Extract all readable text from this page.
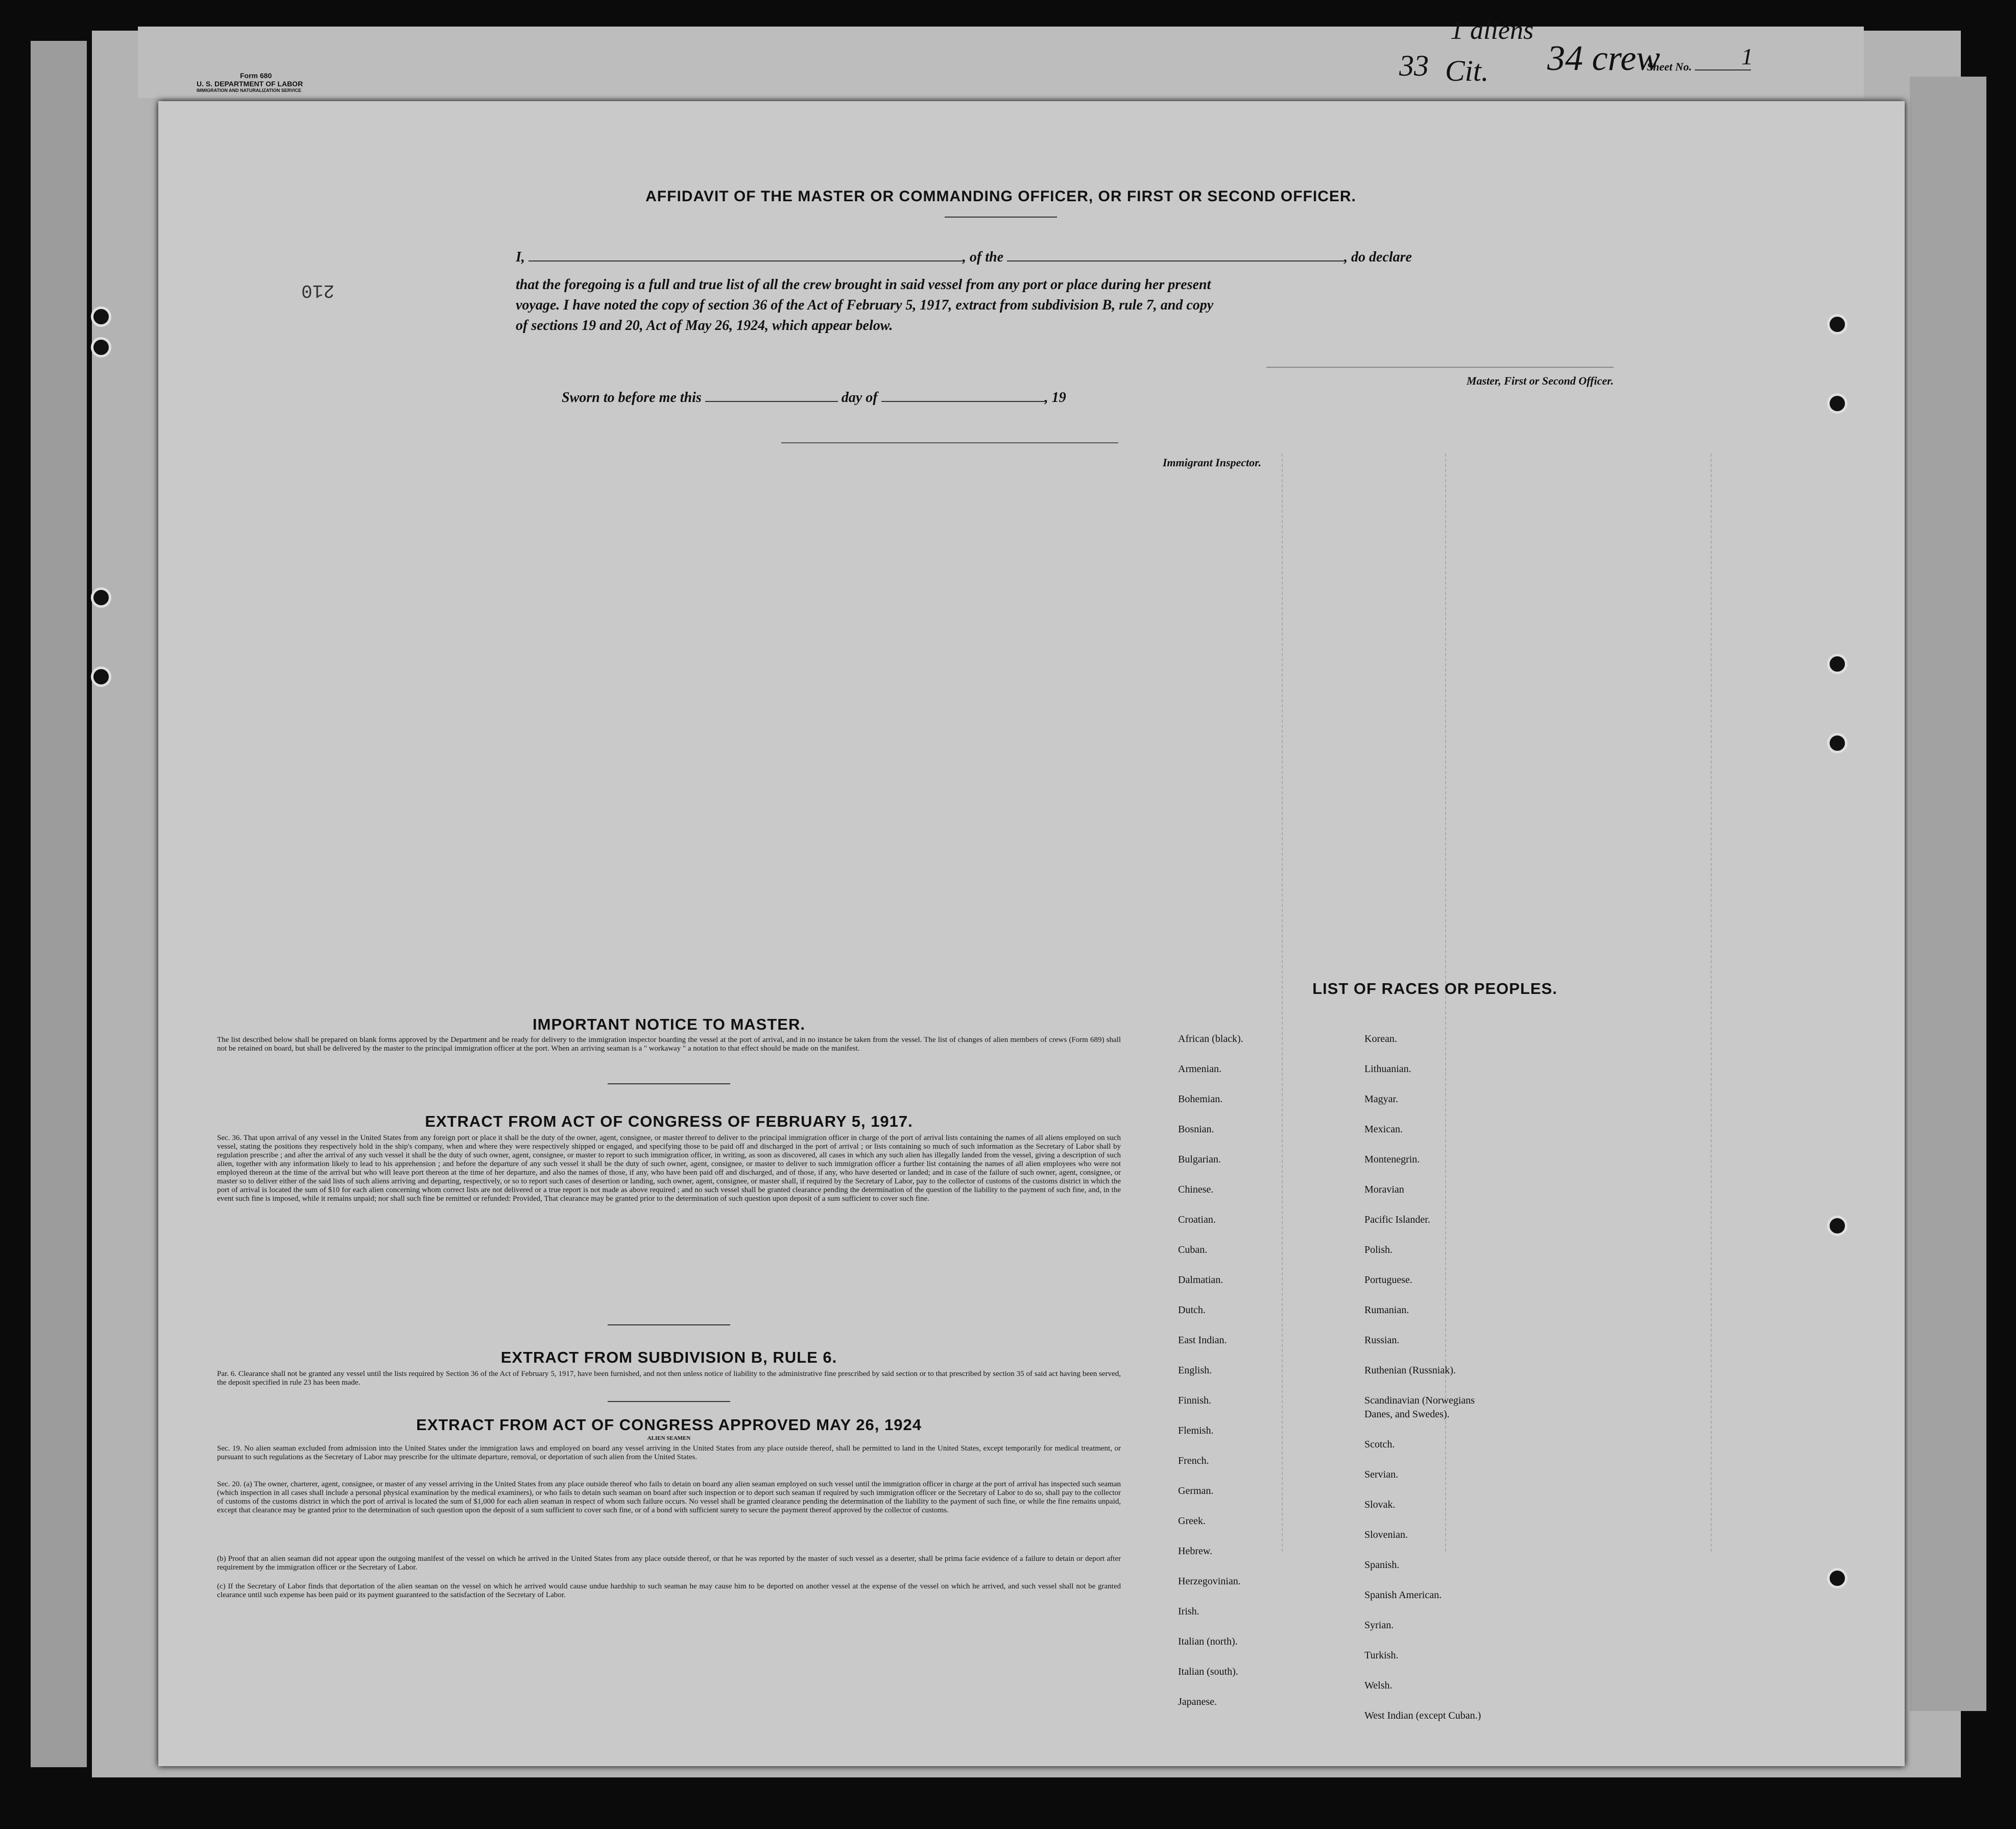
Form 680
U. S. DEPARTMENT OF LABOR
IMMIGRATION AND NATURALIZATION SERVICE
1 aliens
33 Cit. 34 crew
Sheet No.	1
AFFIDAVIT OF THE MASTER OR COMMANDING OFFICER, OR FIRST OR SECOND OFFICER.
210
I,	, of the	, do declare
that the foregoing is a full and true list of all the crew brought in said vessel from any port or place during her present
voyage. I have noted the copy of section 36 of the Act of February 5, 1917, extract from subdivision B, rule 7, and copy
of sections 19 and 20, Act of May 26, 1924, which appear below.
Master, First or Second Officer.
Sworn to before me this	day of	, 19
Immigrant Inspector.
IMPORTANT NOTICE TO MASTER.
The list described below shall be prepared on blank forms approved by the Department and be ready for delivery to the immigration inspector boarding the vessel at the port of arrival, and in no instance be taken from the vessel. The list of changes of alien members of crews (Form 689) shall not be retained on board, but shall be delivered by the master to the principal immigration officer at the port. When an arriving seaman is a " workaway " a notation to that effect should be made on the manifest.
EXTRACT FROM ACT OF CONGRESS OF FEBRUARY 5, 1917.
Sec. 36. That upon arrival of any vessel in the United States from any foreign port or place it shall be the duty of the owner, agent, consignee, or master thereof to deliver to the principal immigration officer in charge of the port of arrival lists containing the names of all aliens employed on such vessel, stating the positions they respectively hold in the ship's company, when and where they were respectively shipped or engaged, and specifying those to be paid off and discharged in the port of arrival ; or lists containing so much of such information as the Secretary of Labor shall by regulation prescribe ; and after the arrival of any such vessel it shall be the duty of such owner, agent, consignee, or master to report to such immigration officer, in writing, as soon as discovered, all cases in which any such alien has illegally landed from the vessel, giving a description of such alien, together with any information likely to lead to his apprehension ; and before the departure of any such vessel it shall be the duty of such owner, agent, consignee, or master to deliver to such immigration officer a further list containing the names of all alien employees who were not employed thereon at the time of the arrival but who will leave port thereon at the time of her departure, and also the names of those, if any, who have been paid off and discharged, and of those, if any, who have deserted or landed; and in case of the failure of such owner, agent, consignee, or master so to deliver either of the said lists of such aliens arriving and departing, respectively, or so to report such cases of desertion or landing, such owner, agent, consignee, or master shall, if required by the Secretary of Labor, pay to the collector of customs of the customs district in which the port of arrival is located the sum of $10 for each alien concerning whom correct lists are not delivered or a true report is not made as above required ; and no such vessel shall be granted clearance pending the determination of the question of the liability to the payment of such fine, and, in the event such fine is imposed, while it remains unpaid; nor shall such fine be remitted or refunded: Provided, That clearance may be granted prior to the determination of such question upon deposit of a sum sufficient to cover such fine.
EXTRACT FROM SUBDIVISION B, RULE 6.
Par. 6. Clearance shall not be granted any vessel until the lists required by Section 36 of the Act of February 5, 1917, have been furnished, and not then unless notice of liability to the administrative fine prescribed by said section or to that prescribed by section 35 of said act having been served, the deposit specified in rule 23 has been made.
EXTRACT FROM ACT OF CONGRESS APPROVED MAY 26, 1924
ALIEN SEAMEN
Sec. 19. No alien seaman excluded from admission into the United States under the immigration laws and employed on board any vessel arriving in the United States from any place outside thereof, shall be permitted to land in the United States, except temporarily for medical treatment, or pursuant to such regulations as the Secretary of Labor may prescribe for the ultimate departure, removal, or deportation of such alien from the United States.
Sec. 20. (a) The owner, charterer, agent, consignee, or master of any vessel arriving in the United States from any place outside thereof who fails to detain on board any alien seaman employed on such vessel until the immigration officer in charge at the port of arrival has inspected such seaman (which inspection in all cases shall include a personal physical examination by the medical examiners), or who fails to detain such seaman on board after such inspection or to deport such seaman if required by such immigration officer or the Secretary of Labor to do so, shall pay to the collector of customs of the customs district in which the port of arrival is located the sum of $1,000 for each alien seaman in respect of whom such failure occurs. No vessel shall be granted clearance pending the determination of the liability to the payment of such fine, or while the fine remains unpaid, except that clearance may be granted prior to the determination of such question upon the deposit of a sum sufficient to cover such fine, or of a bond with sufficient surety to secure the payment thereof approved by the collector of customs.
(b) Proof that an alien seaman did not appear upon the outgoing manifest of the vessel on which he arrived in the United States from any place outside thereof, or that he was reported by the master of such vessel as a deserter, shall be prima facie evidence of a failure to detain or deport after requirement by the immigration officer or the Secretary of Labor.
(c) If the Secretary of Labor finds that deportation of the alien seaman on the vessel on which he arrived would cause undue hardship to such seaman he may cause him to be deported on another vessel at the expense of the vessel on which he arrived, and such vessel shall not be granted clearance until such expense has been paid or its payment guaranteed to the satisfaction of the Secretary of Labor.
LIST OF RACES OR PEOPLES.
African (black).
Armenian.
Bohemian.
Bosnian.
Bulgarian.
Chinese.
Croatian.
Cuban.
Dalmatian.
Dutch.
East Indian.
English.
Finnish.
Flemish.
French.
German.
Greek.
Hebrew.
Herzegovinian.
Irish.
Italian (north).
Italian (south).
Japanese.
Korean.
Lithuanian.
Magyar.
Mexican.
Montenegrin.
Moravian
Pacific Islander.
Polish.
Portuguese.
Rumanian.
Russian.
Ruthenian (Russniak).
Scandinavian (Norwegians
Danes, and Swedes).
Scotch.
Servian.
Slovak.
Slovenian.
Spanish.
Spanish American.
Syrian.
Turkish.
Welsh.
West Indian (except Cuban.)
